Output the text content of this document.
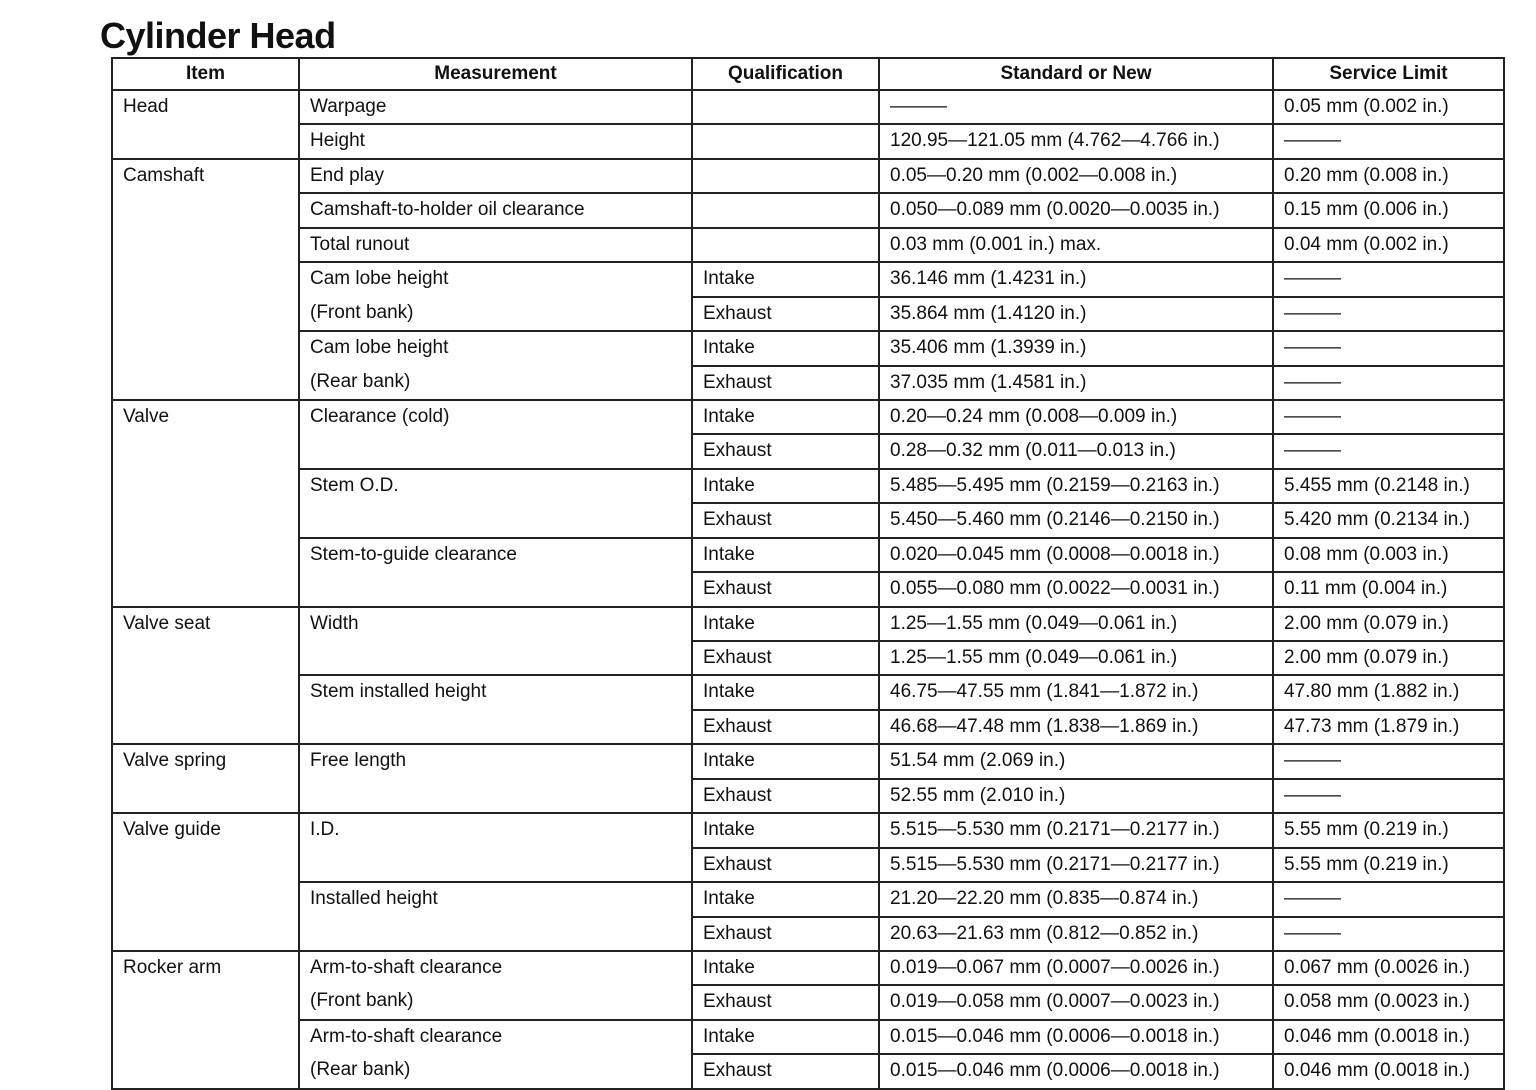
Cylinder Head
Item	Measurement	Qualification	Standard or New	Service Limit
Head	Warpage		———	0.05 mm (0.002 in.)
	Height		120.95—121.05 mm (4.762—4.766 in.)	———
Camshaft	End play		0.05—0.20 mm (0.002—0.008 in.)	0.20 mm (0.008 in.)
	Camshaft-to-holder oil clearance		0.050—0.089 mm (0.0020—0.0035 in.)	0.15 mm (0.006 in.)
	Total runout		0.03 mm (0.001 in.) max.	0.04 mm (0.002 in.)
	Cam lobe height	Intake	36.146 mm (1.4231 in.)	———
	(Front bank)	Exhaust	35.864 mm (1.4120 in.)	———
	Cam lobe height	Intake	35.406 mm (1.3939 in.)	———
	(Rear bank)	Exhaust	37.035 mm (1.4581 in.)	———
Valve	Clearance (cold)	Intake	0.20—0.24 mm (0.008—0.009 in.)	———
		Exhaust	0.28—0.32 mm (0.011—0.013 in.)	———
	Stem O.D.	Intake	5.485—5.495 mm (0.2159—0.2163 in.)	5.455 mm (0.2148 in.)
		Exhaust	5.450—5.460 mm (0.2146—0.2150 in.)	5.420 mm (0.2134 in.)
	Stem-to-guide clearance	Intake	0.020—0.045 mm (0.0008—0.0018 in.)	0.08 mm (0.003 in.)
		Exhaust	0.055—0.080 mm (0.0022—0.0031 in.)	0.11 mm (0.004 in.)
Valve seat	Width	Intake	1.25—1.55 mm (0.049—0.061 in.)	2.00 mm (0.079 in.)
		Exhaust	1.25—1.55 mm (0.049—0.061 in.)	2.00 mm (0.079 in.)
	Stem installed height	Intake	46.75—47.55 mm (1.841—1.872 in.)	47.80 mm (1.882 in.)
		Exhaust	46.68—47.48 mm (1.838—1.869 in.)	47.73 mm (1.879 in.)
Valve spring	Free length	Intake	51.54 mm (2.069 in.)	———
		Exhaust	52.55 mm (2.010 in.)	———
Valve guide	I.D.	Intake	5.515—5.530 mm (0.2171—0.2177 in.)	5.55 mm (0.219 in.)
		Exhaust	5.515—5.530 mm (0.2171—0.2177 in.)	5.55 mm (0.219 in.)
	Installed height	Intake	21.20—22.20 mm (0.835—0.874 in.)	———
		Exhaust	20.63—21.63 mm (0.812—0.852 in.)	———
Rocker arm	Arm-to-shaft clearance	Intake	0.019—0.067 mm (0.0007—0.0026 in.)	0.067 mm (0.0026 in.)
	(Front bank)	Exhaust	0.019—0.058 mm (0.0007—0.0023 in.)	0.058 mm (0.0023 in.)
	Arm-to-shaft clearance	Intake	0.015—0.046 mm (0.0006—0.0018 in.)	0.046 mm (0.0018 in.)
	(Rear bank)	Exhaust	0.015—0.046 mm (0.0006—0.0018 in.)	0.046 mm (0.0018 in.)
